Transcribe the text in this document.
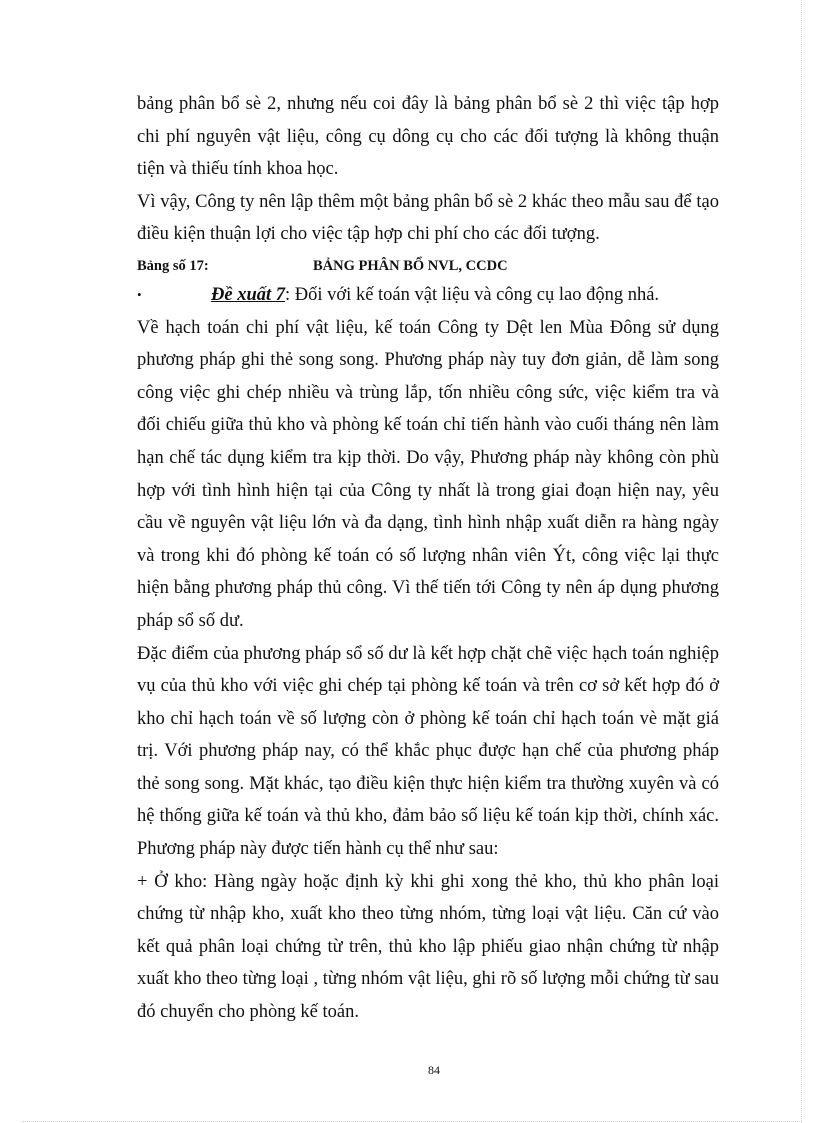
bảng phân bổ sè 2, nhưng nếu coi đây là bảng phân bổ sè 2 thì việc tập hợp chi phí nguyên vật liệu, công cụ dông cụ cho các đối tượng là không thuận tiện và thiếu tính khoa học.

Vì vậy, Công ty nên lập thêm một bảng phân bổ sè 2 khác theo mẫu sau để tạo điều kiện thuận lợi cho việc tập hợp chi phí cho các đối tượng.

Bảng số 17:	BẢNG PHÂN BỔ NVL, CCDC
•	Đề xuất 7: Đối với kế toán vật liệu và công cụ lao động nhá.

Về hạch toán chi phí vật liệu, kế toán Công ty Dệt len Mùa Đông sử dụng phương pháp ghi thẻ song song. Phương pháp này tuy đơn giản, dễ làm song công việc ghi chép nhiều và trùng lắp, tốn nhiều công sức, việc kiểm tra và đối chiếu giữa thủ kho và phòng kế toán chỉ tiến hành vào cuối tháng nên làm hạn chế tác dụng kiểm tra kịp thời. Do vậy, Phương pháp này không còn phù hợp với tình hình hiện tại của Công ty nhất là trong giai đoạn hiện nay, yêu cầu về nguyên vật liệu lớn và đa dạng, tình hình nhập xuất diễn ra hàng ngày và trong khi đó phòng kế toán có số lượng nhân viên Ýt, công việc lại thực hiện bằng phương pháp thủ công. Vì thế tiến tới Công ty nên áp dụng phương pháp sổ số dư.

Đặc điểm của phương pháp sổ số dư là kết hợp chặt chẽ việc hạch toán nghiệp vụ của thủ kho với việc ghi chép tại phòng kế toán và trên cơ sở kết hợp đó ở kho chỉ hạch toán về số lượng còn ở phòng kế toán chỉ hạch toán vè mặt giá trị. Với phương pháp nay, có thể khắc phục được hạn chế của phương pháp thẻ song song. Mặt khác, tạo điều kiện thực hiện kiểm tra thường xuyên và có hệ thống giữa kế toán và thủ kho, đảm bảo số liệu kế toán kịp thời, chính xác. Phương pháp này được tiến hành cụ thể như sau:

+ Ở kho: Hàng ngày hoặc định kỳ khi ghi xong thẻ kho, thủ kho phân loại chứng từ nhập kho, xuất kho theo từng nhóm, từng loại vật liệu. Căn cứ vào kết quả phân loại chứng từ trên, thủ kho lập phiếu giao nhận chứng từ nhập xuất kho theo từng loại , từng nhóm vật liệu, ghi rõ số lượng mỗi chứng từ sau đó chuyển cho phòng kế toán.

84
